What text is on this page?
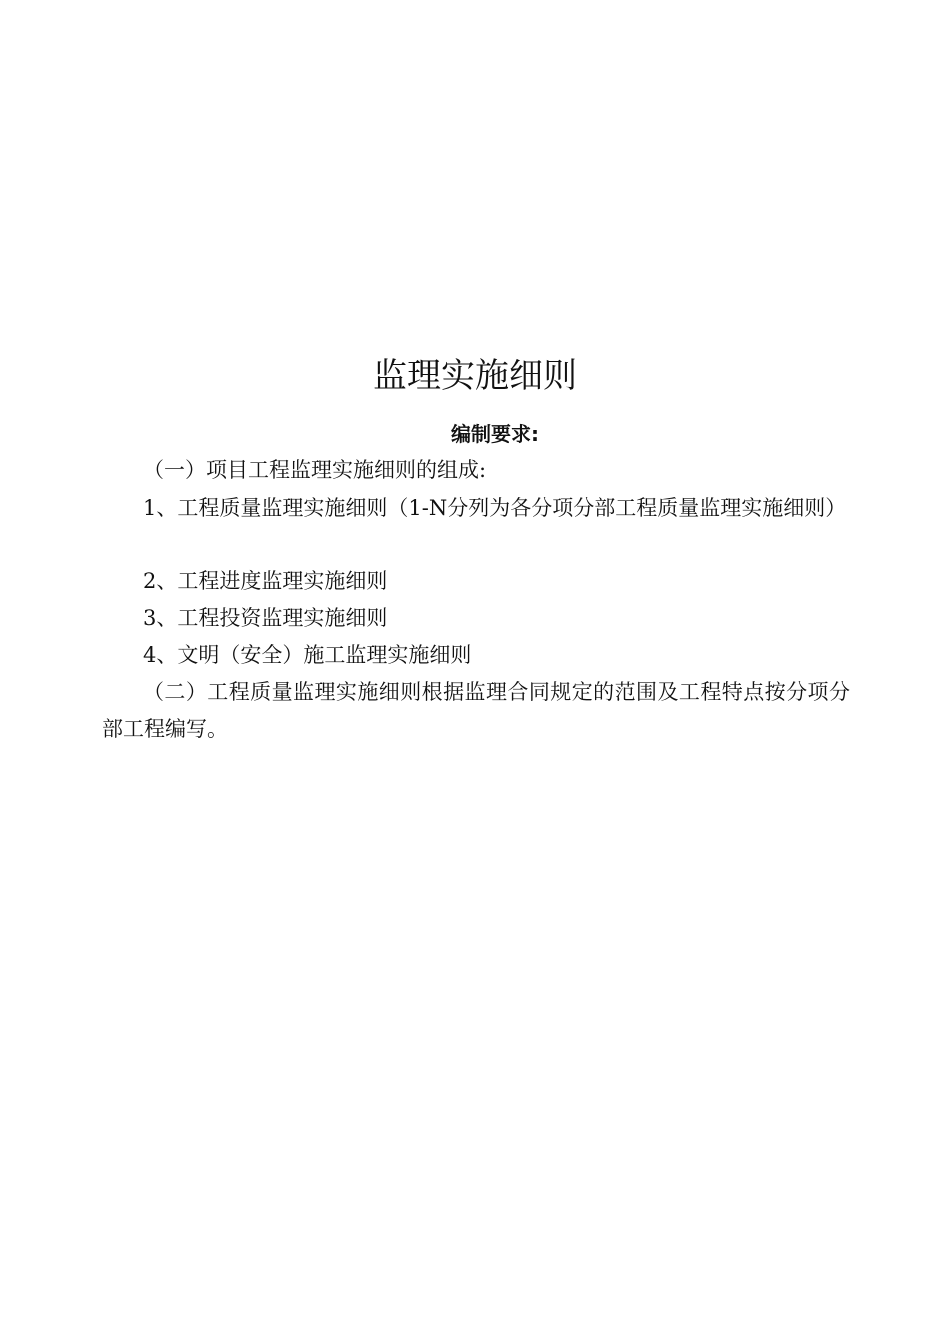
监理实施细则
编制要求:
（一）项目工程监理实施细则的组成:
1、工程质量监理实施细则（1-N分列为各分项分部工程质量监理实施细则）
2、工程进度监理实施细则
3、工程投资监理实施细则
4、文明（安全）施工监理实施细则
（二）工程质量监理实施细则根据监理合同规定的范围及工程特点按分项分部工程编写。
